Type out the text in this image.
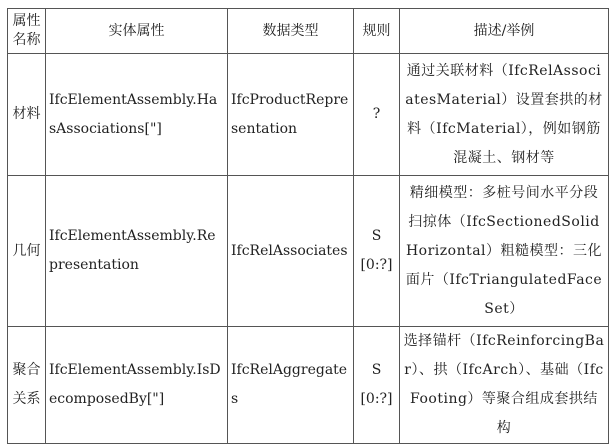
属性名称	实体属性	数据类型	规则	描述/举例
材料	IfcElementAssembly.HasAssociations["]	IfcProductRepresentation	?	通过关联材料（IfcRelAssociatesMaterial）设置套拱的材料（IfcMaterial），例如钢筋混凝土、钢材等
几何	IfcElementAssembly.Representation	IfcRelAssociates	S[0:?]	精细模型：多桩号间水平分段扫掠体（IfcSectionedSolidHorizontal）粗糙模型：三化面片（IfcTriangulatedFaceSet）
聚合关系	IfcElementAssembly.IsDecomposedBy["]	IfcRelAggregates	S[0:?]	选择锚杆（IfcReinforcingBar）、拱（IfcArch）、基础（IfcFooting）等聚合组成套拱结构
